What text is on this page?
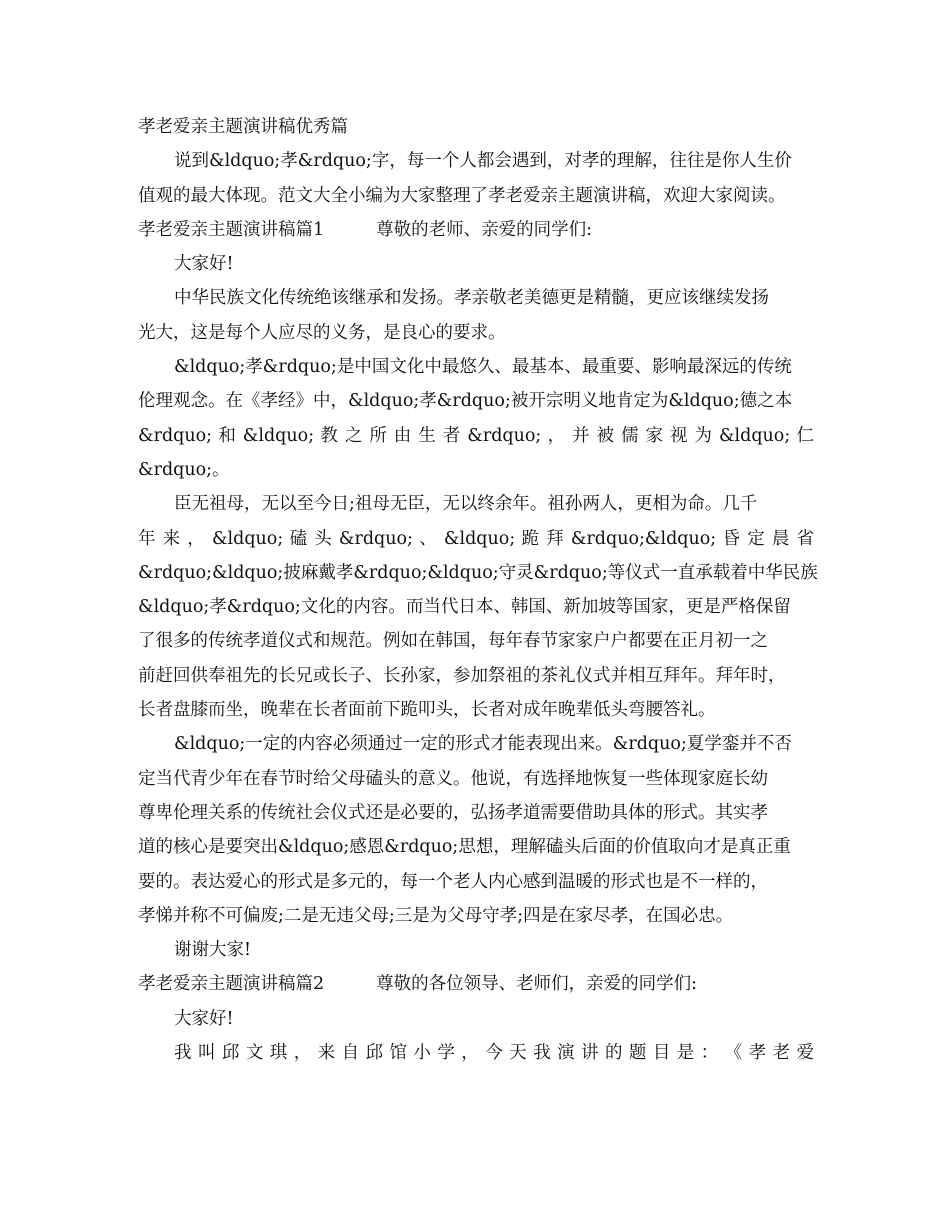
孝老爱亲主题演讲稿优秀篇
说到&ldquo;孝&rdquo;字，每一个人都会遇到，对孝的理解，往往是你人生价
值观的最大体现。范文大全小编为大家整理了孝老爱亲主题演讲稿，欢迎大家阅读。
孝老爱亲主题演讲稿篇1	尊敬的老师、亲爱的同学们:
大家好!
中华民族文化传统绝该继承和发扬。孝亲敬老美德更是精髓，更应该继续发扬
光大，这是每个人应尽的义务，是良心的要求。
&ldquo;孝&rdquo;是中国文化中最悠久、最基本、最重要、影响最深远的传统
伦理观念。在《孝经》中，&ldquo;孝&rdquo;被开宗明义地肯定为&ldquo;德之本
&rdquo; 和 &ldquo; 教 之 所 由 生 者 &rdquo; ， 并 被 儒 家 视 为 &ldquo; 仁
&rdquo;。
臣无祖母，无以至今日;祖母无臣，无以终余年。祖孙两人，更相为命。几千
年 来 ， &ldquo; 磕 头 &rdquo; 、 &ldquo; 跪 拜 &rdquo;&ldquo; 昏 定 晨 省
&rdquo;&ldquo;披麻戴孝&rdquo;&ldquo;守灵&rdquo;等仪式一直承载着中华民族
&ldquo;孝&rdquo;文化的内容。而当代日本、韩国、新加坡等国家，更是严格保留
了很多的传统孝道仪式和规范。例如在韩国，每年春节家家户户都要在正月初一之
前赶回供奉祖先的长兄或长子、长孙家，参加祭祖的茶礼仪式并相互拜年。拜年时，
长者盘膝而坐，晚辈在长者面前下跪叩头，长者对成年晚辈低头弯腰答礼。
&ldquo;一定的内容必须通过一定的形式才能表现出来。&rdquo;夏学銮并不否
定当代青少年在春节时给父母磕头的意义。他说，有选择地恢复一些体现家庭长幼
尊卑伦理关系的传统社会仪式还是必要的，弘扬孝道需要借助具体的形式。其实孝
道的核心是要突出&ldquo;感恩&rdquo;思想，理解磕头后面的价值取向才是真正重
要的。表达爱心的形式是多元的，每一个老人内心感到温暖的形式也是不一样的，
孝悌并称不可偏废;二是无违父母;三是为父母守孝;四是在家尽孝，在国必忠。
谢谢大家!
孝老爱亲主题演讲稿篇2	尊敬的各位领导、老师们，亲爱的同学们:
大家好!
我 叫 邱 文 琪 ， 来 自 邱 馆 小 学 ， 今 天 我 演 讲 的 题 目 是 ： 《 孝 老 爱
